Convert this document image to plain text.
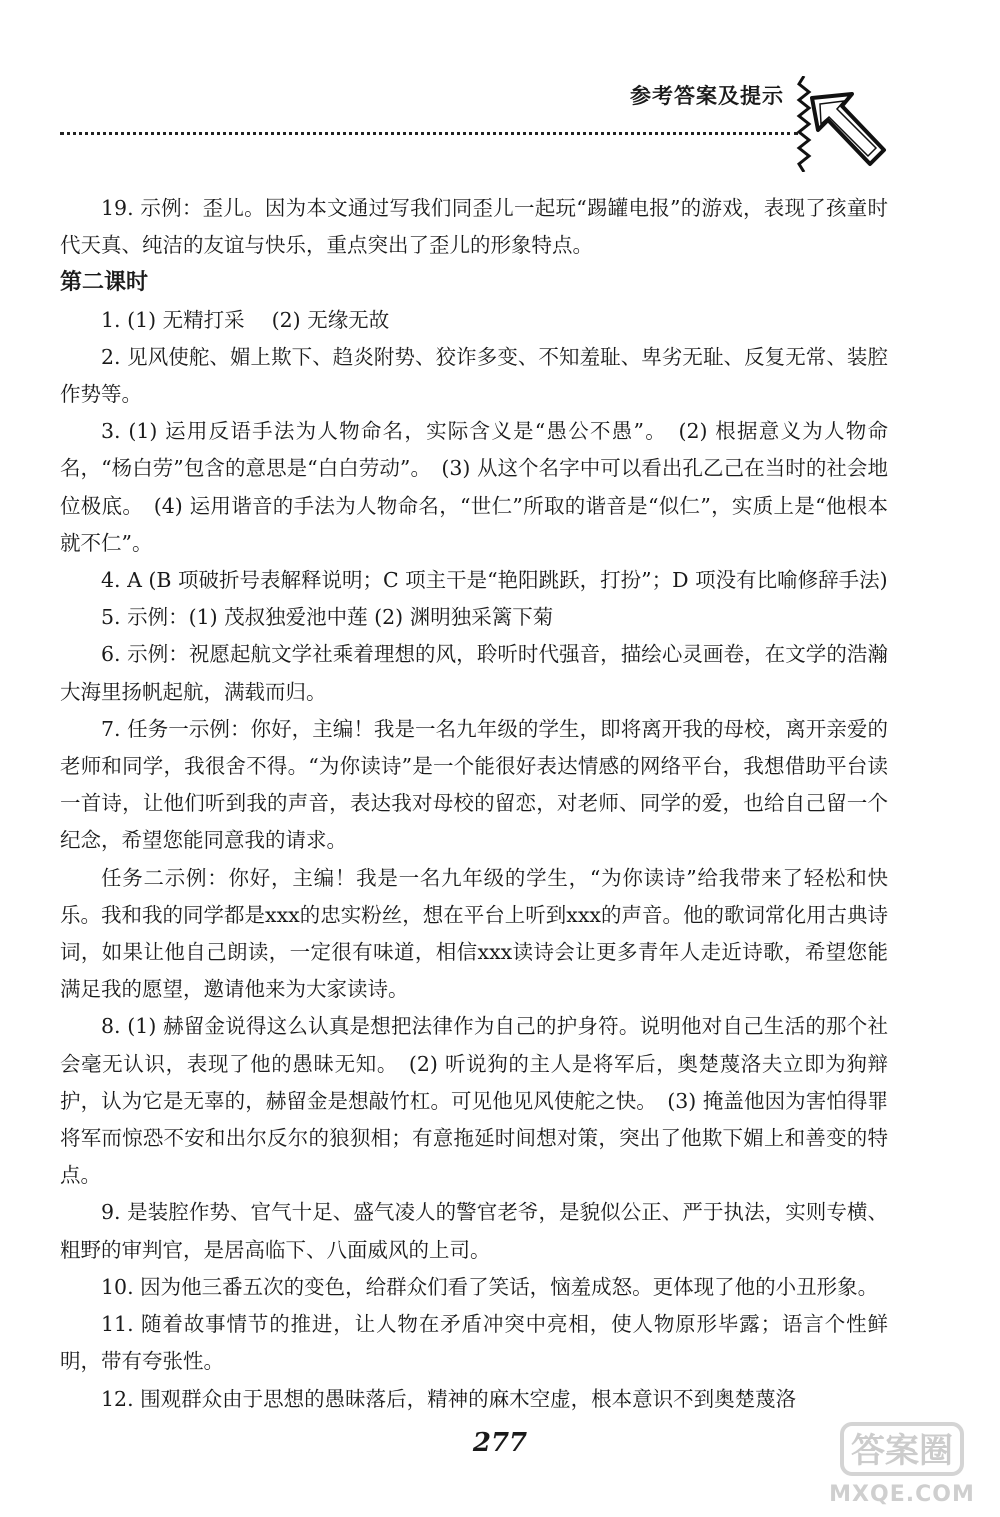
参考答案及提示

19. 示例：歪儿。因为本文通过写我们同歪儿一起玩“踢罐电报”的游戏，表现了孩童时代天真、纯洁的友谊与快乐，重点突出了歪儿的形象特点。

第二课时

1. (1) 无精打采　 (2) 无缘无故

2. 见风使舵、媚上欺下、趋炎附势、狡诈多变、不知羞耻、卑劣无耻、反复无常、装腔作势等。

3. (1) 运用反语手法为人物命名，实际含义是“愚公不愚”。　(2) 根据意义为人物命名，“杨白劳”包含的意思是“白白劳动”。　(3) 从这个名字中可以看出孔乙己在当时的社会地位极底。　(4) 运用谐音的手法为人物命名，“世仁”所取的谐音是“似仁”，实质上是“他根本就不仁”。

4. A (B 项破折号表解释说明；C 项主干是“艳阳跳跃，打扮”；D 项没有比喻修辞手法)

5. 示例：(1) 茂叔独爱池中莲 (2) 渊明独采篱下菊

6. 示例：祝愿起航文学社乘着理想的风，聆听时代强音，描绘心灵画卷，在文学的浩瀚大海里扬帆起航，满载而归。

7. 任务一示例：你好，主编！我是一名九年级的学生，即将离开我的母校，离开亲爱的老师和同学，我很舍不得。“为你读诗”是一个能很好表达情感的网络平台，我想借助平台读一首诗，让他们听到我的声音，表达我对母校的留恋，对老师、同学的爱，也给自己留一个纪念，希望您能同意我的请求。

任务二示例：你好，主编！我是一名九年级的学生，“为你读诗”给我带来了轻松和快乐。我和我的同学都是xxx的忠实粉丝，想在平台上听到xxx的声音。他的歌词常化用古典诗词，如果让他自己朗读，一定很有味道，相信xxx读诗会让更多青年人走近诗歌，希望您能满足我的愿望，邀请他来为大家读诗。

8. (1) 赫留金说得这么认真是想把法律作为自己的护身符。说明他对自己生活的那个社会毫无认识，表现了他的愚昧无知。　(2) 听说狗的主人是将军后，奥楚蔑洛夫立即为狗辩护，认为它是无辜的，赫留金是想敲竹杠。可见他见风使舵之快。　(3) 掩盖他因为害怕得罪将军而惊恐不安和出尔反尔的狼狈相；有意拖延时间想对策，突出了他欺下媚上和善变的特点。

9. 是装腔作势、官气十足、盛气凌人的警官老爷，是貌似公正、严于执法，实则专横、粗野的审判官，是居高临下、八面威风的上司。

10. 因为他三番五次的变色，给群众们看了笑话，恼羞成怒。更体现了他的小丑形象。

11. 随着故事情节的推进，让人物在矛盾冲突中亮相，使人物原形毕露；语言个性鲜明，带有夸张性。

12. 围观群众由于思想的愚昧落后，精神的麻木空虚，根本意识不到奥楚蔑洛

277	答案圈
MXQE.COM
